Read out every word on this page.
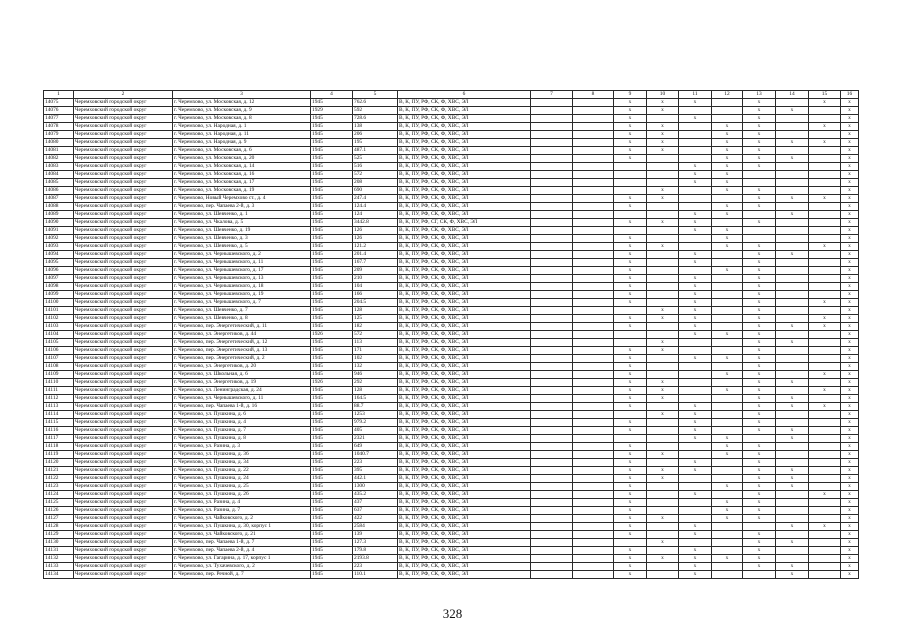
1	2	3	4	5	6	7	8	9	10	11	12	13	14	15	16
14075	Черемховский городской округ	г. Черемхово, ул. Московская, д. 12	1945	762.6	В, К, ПУ, РФ, СК, Ф, ХВС, ЭЛ			x	x	x		x		x	x
14076	Черемховский городской округ	г. Черемхово, ул. Московская, д. 9	1929	592	В, К, ПУ, РФ, СК, Ф, ХВС, ЭЛ			x	x			x	x		x
14077	Черемховский городской округ	г. Черемхово, ул. Московская, д. 8	1945	728.6	В, К, ПУ, РФ, СК, Ф, ХВС, ЭЛ			x		x		x			x
14078	Черемховский городской округ	г. Черемхово, ул. Народная, д. 1	1945	138	В, К, ПУ, РФ, СК, Ф, ХВС, ЭЛ			x	x		x	x		x	x
14079	Черемховский городской округ	г. Черемхово, ул. Народная, д. 11	1945	206	В, К, ПУ, РФ, СК, Ф, ХВС, ЭЛ			x	x		x	x			x
14080	Черемховский городской округ	г. Черемхово, ул. Народная, д. 9	1945	195	В, К, ПУ, РФ, СК, Ф, ХВС, ЭЛ			x	x		x	x	x	x	x
14081	Черемховский городской округ	г. Черемхово, ул. Московская, д. 6	1945	487.1	В, К, ПУ, РФ, СК, Ф, ХВС, ЭЛ			x	x		x	x			x
14082	Черемховский городской округ	г. Черемхово, ул. Московская, д. 20	1945	525	В, К, ПУ, РФ, СК, Ф, ХВС, ЭЛ			x			x	x	x		x
14083	Черемховский городской округ	г. Черемхово, ул. Московская, д. 14	1945	516	В, К, ПУ, РФ, СК, Ф, ХВС, ЭЛ					x	x	x			x
14084	Черемховский городской округ	г. Черемхово, ул. Московская, д. 16	1945	572	В, К, ПУ, РФ, СК, Ф, ХВС, ЭЛ					x	x				x
14085	Черемховский городской округ	г. Черемхово, ул. Московская, д. 17	1945	208	В, К, ПУ, РФ, СК, Ф, ХВС, ЭЛ					x	x				x
14086	Черемховский городской округ	г. Черемхово, ул. Московская, д. 19	1945	690	В, К, ПУ, РФ, СК, Ф, ХВС, ЭЛ				x		x	x			x
14087	Черемховский городской округ	г. Черемхово, Новый Черемхово ст., д. 4	1945	247.4	В, К, ПУ, РФ, СК, Ф, ХВС, ЭЛ			x	x			x	x	x	x
14088	Черемховский городской округ	г. Черемхово, пер. Чапаева 2-й, д. 3	1945	124.4	В, К, ПУ, РФ, СК, Ф, ХВС, ЭЛ			x			x	x			x
14089	Черемховский городской округ	г. Черемхово, ул. Шевченко, д. 1	1945	124	В, К, ПУ, РФ, СК, Ф, ХВС, ЭЛ					x	x		x		x
14090	Черемховский городской округ	г. Черемхово, ул. Чкалова, д. 5	1945	3442.8	В, К, ПУ, РФ, СГ, СК, Ф, ХВС, ЭЛ			x	x	x		x			x
14091	Черемховский городской округ	г. Черемхово, ул. Шевченко, д. 19	1945	126	В, К, ПУ, РФ, СК, Ф, ХВС, ЭЛ					x	x				x
14092	Черемховский городской округ	г. Черемхово, ул. Шевченко, д. 3	1945	126	В, К, ПУ, РФ, СК, Ф, ХВС, ЭЛ			x			x				x
14093	Черемховский городской округ	г. Черемхово, ул. Шевченко, д. 5	1945	121.2	В, К, ПУ, РФ, СК, Ф, ХВС, ЭЛ			x	x		x	x		x	x
14094	Черемховский городской округ	г. Черемхово, ул. Чернышевского, д. 2	1945	201.4	В, К, ПУ, РФ, СК, Ф, ХВС, ЭЛ			x		x		x	x		x
14095	Черемховский городской округ	г. Черемхово, ул. Чернышевского, д. 11	1945	167.7	В, К, ПУ, РФ, СК, Ф, ХВС, ЭЛ			x		x		x			x
14096	Черемховский городской округ	г. Черемхово, ул. Чернышевского, д. 17	1945	209	В, К, ПУ, РФ, СК, Ф, ХВС, ЭЛ			x			x	x			x
14097	Черемховский городской округ	г. Черемхово, ул. Чернышевского, д. 13	1945	210	В, К, ПУ, РФ, СК, Ф, ХВС, ЭЛ			x		x		x			x
14098	Черемховский городской округ	г. Черемхово, ул. Чернышевского, д. 18	1945	104	В, К, ПУ, РФ, СК, Ф, ХВС, ЭЛ			x		x		x			x
14099	Черемховский городской округ	г. Черемхово, ул. Чернышевского, д. 19	1945	166	В, К, ПУ, РФ, СК, Ф, ХВС, ЭЛ			x		x		x			x
14100	Черемховский городской округ	г. Черемхово, ул. Чернышевского, д. 7	1945	204.5	В, К, ПУ, РФ, СК, Ф, ХВС, ЭЛ			x		x		x		x	x
14101	Черемховский городской округ	г. Черемхово, ул. Шевченко, д. 7	1945	128	В, К, ПУ, РФ, СК, Ф, ХВС, ЭЛ				x	x		x			x
14102	Черемховский городской округ	г. Черемхово, ул. Шевченко, д. 8	1945	125	В, К, ПУ, РФ, СК, Ф, ХВС, ЭЛ			x	x	x		x		x	x
14103	Черемховский городской округ	г. Черемхово, пер. Энергетический, д. 11	1945	182	В, К, ПУ, РФ, СК, Ф, ХВС, ЭЛ			x		x		x	x	x	x
14104	Черемховский городской округ	г. Черемхово, ул. Энергетиков, д. 44	1926	572	В, К, ПУ, РФ, СК, Ф, ХВС, ЭЛ					x	x	x			x
14105	Черемховский городской округ	г. Черемхово, пер. Энергетический, д. 12	1945	113	В, К, ПУ, РФ, СК, Ф, ХВС, ЭЛ				x			x	x		x
14106	Черемховский городской округ	г. Черемхово, пер. Энергетический, д. 13	1945	171	В, К, ПУ, РФ, СК, Ф, ХВС, ЭЛ			x	x			x			x
14107	Черемховский городской округ	г. Черемхово, пер. Энергетический, д. 2	1945	102	В, К, ПУ, РФ, СК, Ф, ХВС, ЭЛ			x		x	x	x			x
14108	Черемховский городской округ	г. Черемхово, ул. Энергетиков, д. 20	1945	132	В, К, ПУ, РФ, СК, Ф, ХВС, ЭЛ			x				x			x
14109	Черемховский городской округ	г. Черемхово, ул. Школьная, д. 6	1945	946	В, К, ПУ, РФ, СК, Ф, ХВС, ЭЛ			x			x	x		x	x
14110	Черемховский городской округ	г. Черемхово, ул. Энергетиков, д. 19	1926	292	В, К, ПУ, РФ, СК, Ф, ХВС, ЭЛ			x	x			x	x		x
14111	Черемховский городской округ	г. Черемхово, ул. Ленинградская, д. 24	1945	128	В, К, ПУ, РФ, СК, Ф, ХВС, ЭЛ			x	x		x	x		x	x
14112	Черемховский городской округ	г. Черемхово, ул. Чернышевского, д. 11	1945	164.5	В, К, ПУ, РФ, СК, Ф, ХВС, ЭЛ			x	x			x	x		x
14113	Черемховский городской округ	г. Черемхово, пер. Чапаева 1-й, д. 16	1945	88.7	В, К, ПУ, РФ, СК, Ф, ХВС, ЭЛ			x		x		x	x	x	x
14114	Черемховский городской округ	г. Черемхово, ул. Пушкина, д. 6	1945	1253	В, К, ПУ, РФ, СК, Ф, ХВС, ЭЛ				x	x		x			x
14115	Черемховский городской округ	г. Черемхово, ул. Пушкина, д. 4	1945	979.2	В, К, ПУ, РФ, СК, Ф, ХВС, ЭЛ			x		x		x			x
14116	Черемховский городской округ	г. Черемхово, ул. Пушкина, д. 7	1945	405	В, К, ПУ, РФ, СК, Ф, ХВС, ЭЛ			x		x		x	x		x
14117	Черемховский городской округ	г. Черемхово, ул. Пушкина, д. 8	1945	2321	В, К, ПУ, РФ, СК, Ф, ХВС, ЭЛ					x	x		x		x
14118	Черемховский городской округ	г. Черемхово, ул. Разина, д. 3	1945	649	В, К, ПУ, РФ, СК, Ф, ХВС, ЭЛ			x			x	x			x
14119	Черемховский городской округ	г. Черемхово, ул. Пушкина, д. 36	1945	1040.7	В, К, ПУ, РФ, СК, Ф, ХВС, ЭЛ			x	x		x	x			x
14120	Черемховский городской округ	г. Черемхово, ул. Пушкина, д. 34	1945	223	В, К, ПУ, РФ, СК, Ф, ХВС, ЭЛ			x		x		x			x
14121	Черемховский городской округ	г. Черемхово, ул. Пушкина, д. 22	1945	395	В, К, ПУ, РФ, СК, Ф, ХВС, ЭЛ			x	x	x		x	x		x
14122	Черемховский городской округ	г. Черемхово, ул. Пушкина, д. 24	1945	442.1	В, К, ПУ, РФ, СК, Ф, ХВС, ЭЛ			x	x			x	x		x
14123	Черемховский городской округ	г. Черемхово, ул. Пушкина, д. 25	1945	1300	В, К, ПУ, РФ, СК, Ф, ХВС, ЭЛ			x			x	x	x		x
14124	Черемховский городской округ	г. Черемхово, ул. Пушкина, д. 26	1945	435.2	В, К, ПУ, РФ, СК, Ф, ХВС, ЭЛ			x		x		x		x	x
14125	Черемховский городской округ	г. Черемхово, ул. Разина, д. 4	1945	437	В, К, ПУ, РФ, СК, Ф, ХВС, ЭЛ			x			x	x			x
14126	Черемховский городской округ	г. Черемхово, ул. Разина, д. 7	1945	637	В, К, ПУ, РФ, СК, Ф, ХВС, ЭЛ			x			x	x			x
14127	Черемховский городской округ	г. Черемхово, ул. Чайковского, д. 2	1945	422	В, К, ПУ, РФ, СК, Ф, ХВС, ЭЛ			x	x		x	x			x
14128	Черемховский городской округ	г. Черемхово, ул. Пушкина, д. 30, корпус 1	1945	2584	В, К, ПУ, РФ, СК, Ф, ХВС, ЭЛ			x		x			x	x	x
14129	Черемховский городской округ	г. Черемхово, ул. Чайковского, д. 21	1945	139	В, К, ПУ, РФ, СК, Ф, ХВС, ЭЛ			x		x		x			x
14130	Черемховский городской округ	г. Черемхово, пер. Чапаева 1-й, д. 7	1945	127.3	В, К, ПУ, РФ, СК, Ф, ХВС, ЭЛ				x			x	x		x
14131	Черемховский городской округ	г. Черемхово, пер. Чапаева 2-й, д. 4	1945	179.8	В, К, ПУ, РФ, СК, Ф, ХВС, ЭЛ			x		x		x			x
14132	Черемховский городской округ	г. Черемхово, ул. Гагарина, д. 17, корпус 1	1945	2193.8	В, К, ПУ, РФ, СК, Ф, ХВС, ЭЛ			x	x	x	x	x			x
14133	Черемховский городской округ	г. Черемхово, ул. Тухачевского, д. 2	1945	223	В, К, ПУ, РФ, СК, Ф, ХВС, ЭЛ			x		x		x	x		x
14134	Черемховский городской округ	г. Черемхово, пер. Речной, д. 7	1945	110.1	В, К, ПУ, РФ, СК, Ф, ХВС, ЭЛ			x		x			x		x
328
